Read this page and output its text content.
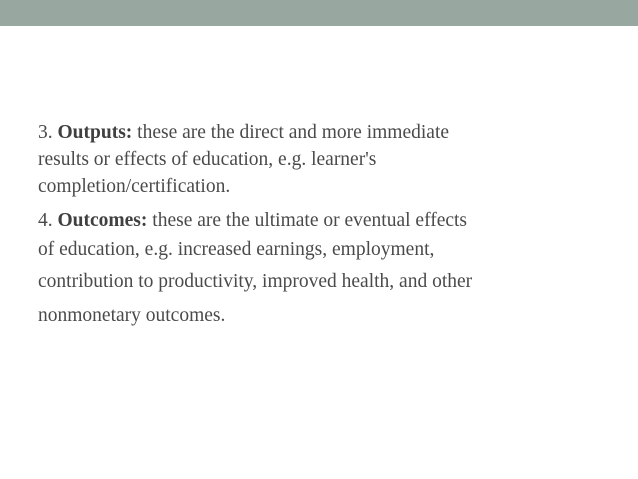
3. Outputs: these are the direct and more immediate
results or effects of education, e.g. learner's
completion/certification.
4. Outcomes: these are the ultimate or eventual effects
of education, e.g. increased earnings, employment,
contribution to productivity, improved health, and other
nonmonetary outcomes.
